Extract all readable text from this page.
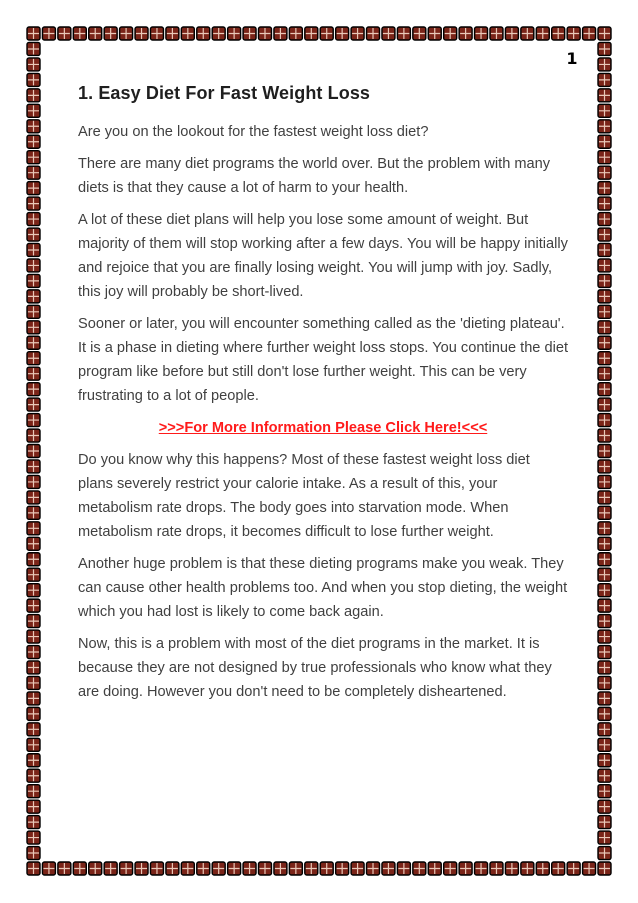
1
1. Easy Diet For Fast Weight Loss

Are you on the lookout for the fastest weight loss diet?

There are many diet programs the world over. But the problem with many diets is that they cause a lot of harm to your health.

A lot of these diet plans will help you lose some amount of weight. But majority of them will stop working after a few days. You will be happy initially and rejoice that you are finally losing weight. You will jump with joy. Sadly, this joy will probably be short-lived.

Sooner or later, you will encounter something called as the 'dieting plateau'. It is a phase in dieting where further weight loss stops. You continue the diet program like before but still don't lose further weight. This can be very frustrating to a lot of people.

>>>For More Information Please Click Here!<<<

Do you know why this happens? Most of these fastest weight loss diet plans severely restrict your calorie intake. As a result of this, your metabolism rate drops. The body goes into starvation mode. When metabolism rate drops, it becomes difficult to lose further weight.

Another huge problem is that these dieting programs make you weak. They can cause other health problems too. And when you stop dieting, the weight which you had lost is likely to come back again.

Now, this is a problem with most of the diet programs in the market. It is because they are not designed by true professionals who know what they are doing. However you don't need to be completely disheartened.
